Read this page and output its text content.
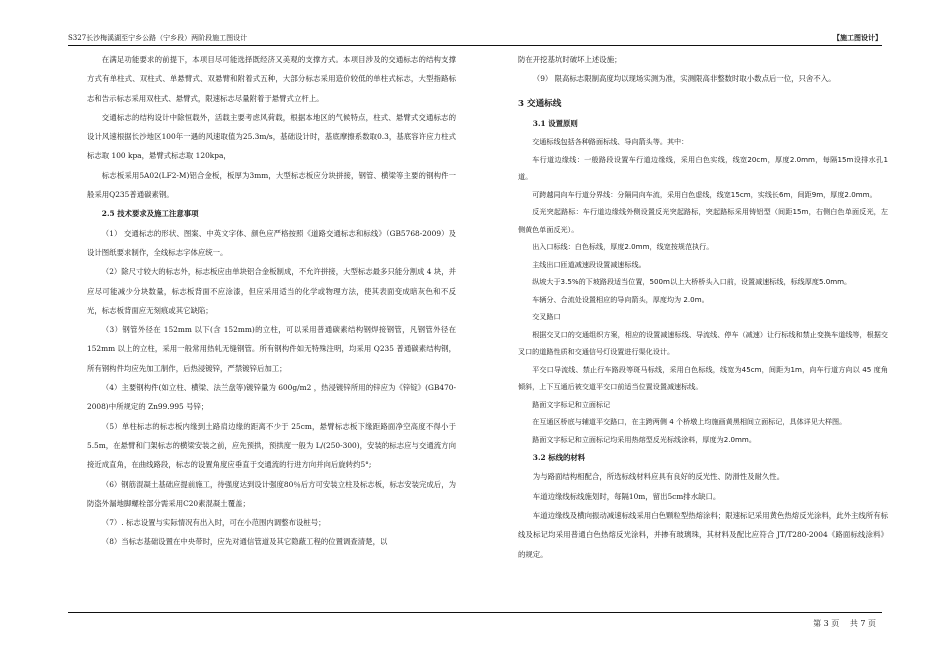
S327长沙梅溪湖至宁乡公路（宁乡段）两阶段施工图设计	【施工图设计】

在满足功能要求的前提下，本项目尽可能选择既经济又美观的支撑方式。本项目涉及的交通标志的结构支撑方式有单柱式、双柱式、单悬臂式、双悬臂和附着式五种，大部分标志采用造价较低的单柱式标志，大型指路标志和告示标志采用双柱式、悬臂式，限速标志尽量附着于悬臂式立杆上。

交通标志的结构设计中除恒载外，活载主要考虑风荷载，根据本地区的气候特点，柱式、悬臂式交通标志的设计风速根据长沙地区100年一遇的风速取值为25.3m/s，基础设计时，基底摩擦系数取0.3，基底容许应力柱式标志取 100 kpa，悬臂式标志取 120kpa，

标志板采用5A02(LF2-M)铝合金板，板厚为3mm，大型标志板应分块拼接，钢管、横梁等主要的钢构件一般采用Q235普通碳素钢。

2.5 技术要求及施工注意事项

（1） 交通标志的形状、图案、中英文字体、颜色应严格按照《道路交通标志和标线》（GB5768-2009）及设计图纸要求制作，全线标志字体应统一。

（2）除尺寸较大的标志外，标志板应由单块铝合金板制成，不允许拼接，大型标志最多只能分割成 4 块，并应尽可能减少分块数量，标志板背面不应涂漆，但应采用适当的化学或物理方法，使其表面变成暗灰色和不反光，标志板背面应无刻痕或其它缺陷；

（3）钢管外径在 152mm 以下(含 152mm)的立柱，可以采用普通碳素结构钢焊接钢管，凡钢管外径在 152mm 以上的立柱，采用一般常用热轧无缝钢管。所有钢构件如无特殊注明，均采用 Q235 普通碳素结构钢，所有钢构件均应先加工制作，后热浸镀锌，严禁镀锌后加工；

（4）主要钢构件(如立柱、横梁、法兰盘等)镀锌量为 600g/m2 ，热浸镀锌所用的锌应为《锌锭》(GB470-2008)中所规定的 Zn99.995 号锌；

（5）单柱标志的标志板内缘到土路肩边缘的距离不少于 25cm，悬臂标志板下缘距路面净空高度不得小于 5.5m，在悬臂和门架标志的横梁安装之前，应先预拱，预拱度一般为 L/(250-300)，安装的标志应与交通流方向接近成直角，在曲线路段，标志的设置角度应垂直于交通流的行进方向并向后旋转约5°;

（6）钢筋混凝土基础应提前施工，待强度达到设计强度80％后方可安装立柱及标志板，标志安装完成后，为防盗外漏地脚螺栓部分需采用C20素混凝土覆盖；

（7）. 标志设置与实际情况有出入时，可在小范围内调整布设桩号；

（8）当标志基础设置在中央带时，应先对通信管道及其它隐蔽工程的位置调查清楚，以

防在开挖基坑时破坏上述设施；

（9） 限高标志限制高度均以现场实测为准，实测限高非整数时取小数点后一位，只舍不入。

3 交通标线

3.1 设置原则

交通标线包括各种路面标线、导向箭头等。其中：

车行道边缘线：一般路段设置车行道边缘线，采用白色实线，线宽20cm，厚度2.0mm，每隔15m设排水孔1道。

可跨越同向车行道分界线：分隔同向车流，采用白色虚线，线宽15cm，实线长6m，间距9m，厚度2.0mm。

反光突起路标：车行道边缘线外侧设置反光突起路标，突起路标采用铸铝型（间距15m，右侧白色单面反光，左侧黄色单面反光）。

出入口标线：白色标线，厚度2.0mm，线宽按规范执行。

主线出口匝道减速段设置减速标线。

纵坡大于3.5%的下坡路段适当位置，500m以上大桥桥头入口前，设置减速标线，标线厚度5.0mm。

车辆分、合流处设置相应的导向箭头，厚度均为 2.0m。

交叉路口

根据交叉口的交通组织方案，相应的设置减速标线、导流线、停车（减速）让行标线和禁止变换车道线等，根据交叉口的道路性质和交通信号灯设置进行渠化设计。

平交口导流线、禁止行车路段等斑马标线，采用白色标线，线宽为45cm，间距为1m，向车行道方向以 45 度角倾斜，上下互通后被交道平交口前适当位置设置减速标线。

路面文字标记和立面标记

在互通区桥底与辅道平交路口，在主跨两侧 4 个桥墩上均施画黄黑相间立面标记，具体详见大样图。

路面文字标记和立面标记均采用热熔型反光标线涂料，厚度为2.0mm。

3.2 标线的材料

为与路面结构相配合，所选标线材料应具有良好的反光性、防滑性及耐久性。

车道边缘线标线施划时，每隔10m，留出5cm排水缺口。

车道边缘线及横向振动减速标线采用白色颗粒型热熔涂料；限速标记采用黄色热熔反光涂料，此外主线所有标线及标记均采用普通白色热熔反光涂料，并掺有玻璃珠，其材料及配比应符合 JT/T280-2004《路面标线涂料》的规定。

第 3 页 共 7 页
